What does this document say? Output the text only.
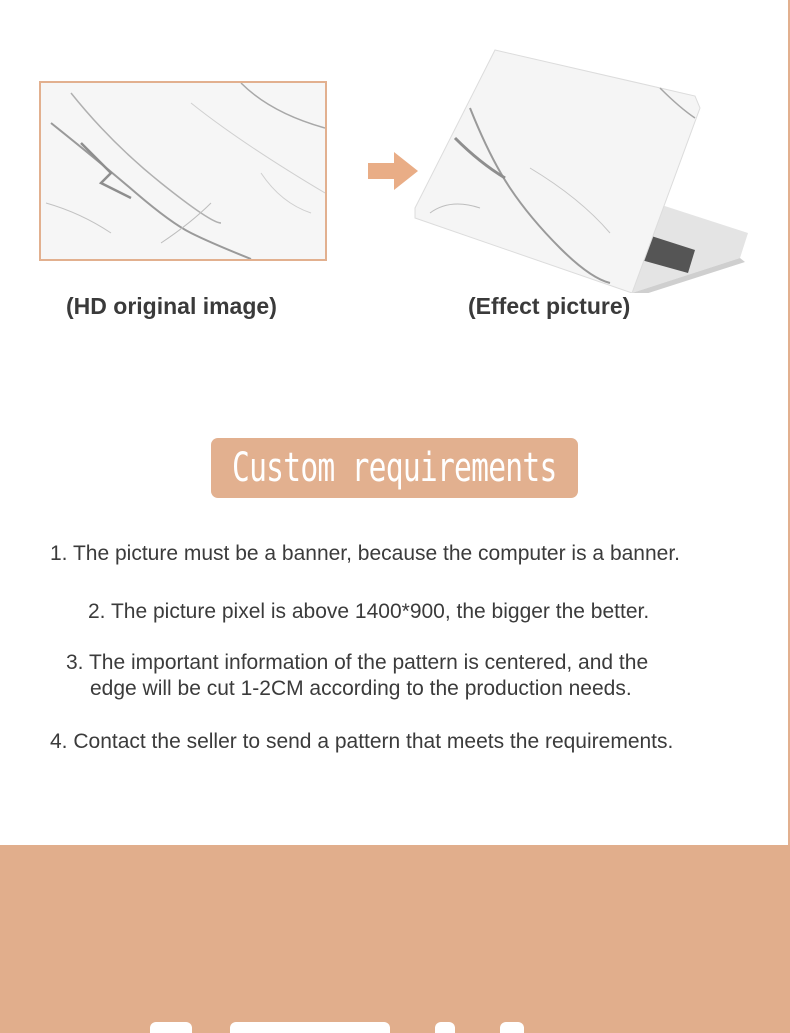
(HD original image)	(Effect picture)
Custom requirements
1. The picture must be a banner, because the computer is a banner.
2. The picture pixel is above 1400*900, the bigger the better.
3. The important information of the pattern is centered, and the
edge will be cut 1-2CM according to the production needs.
4. Contact the seller to send a pattern that meets the requirements.
